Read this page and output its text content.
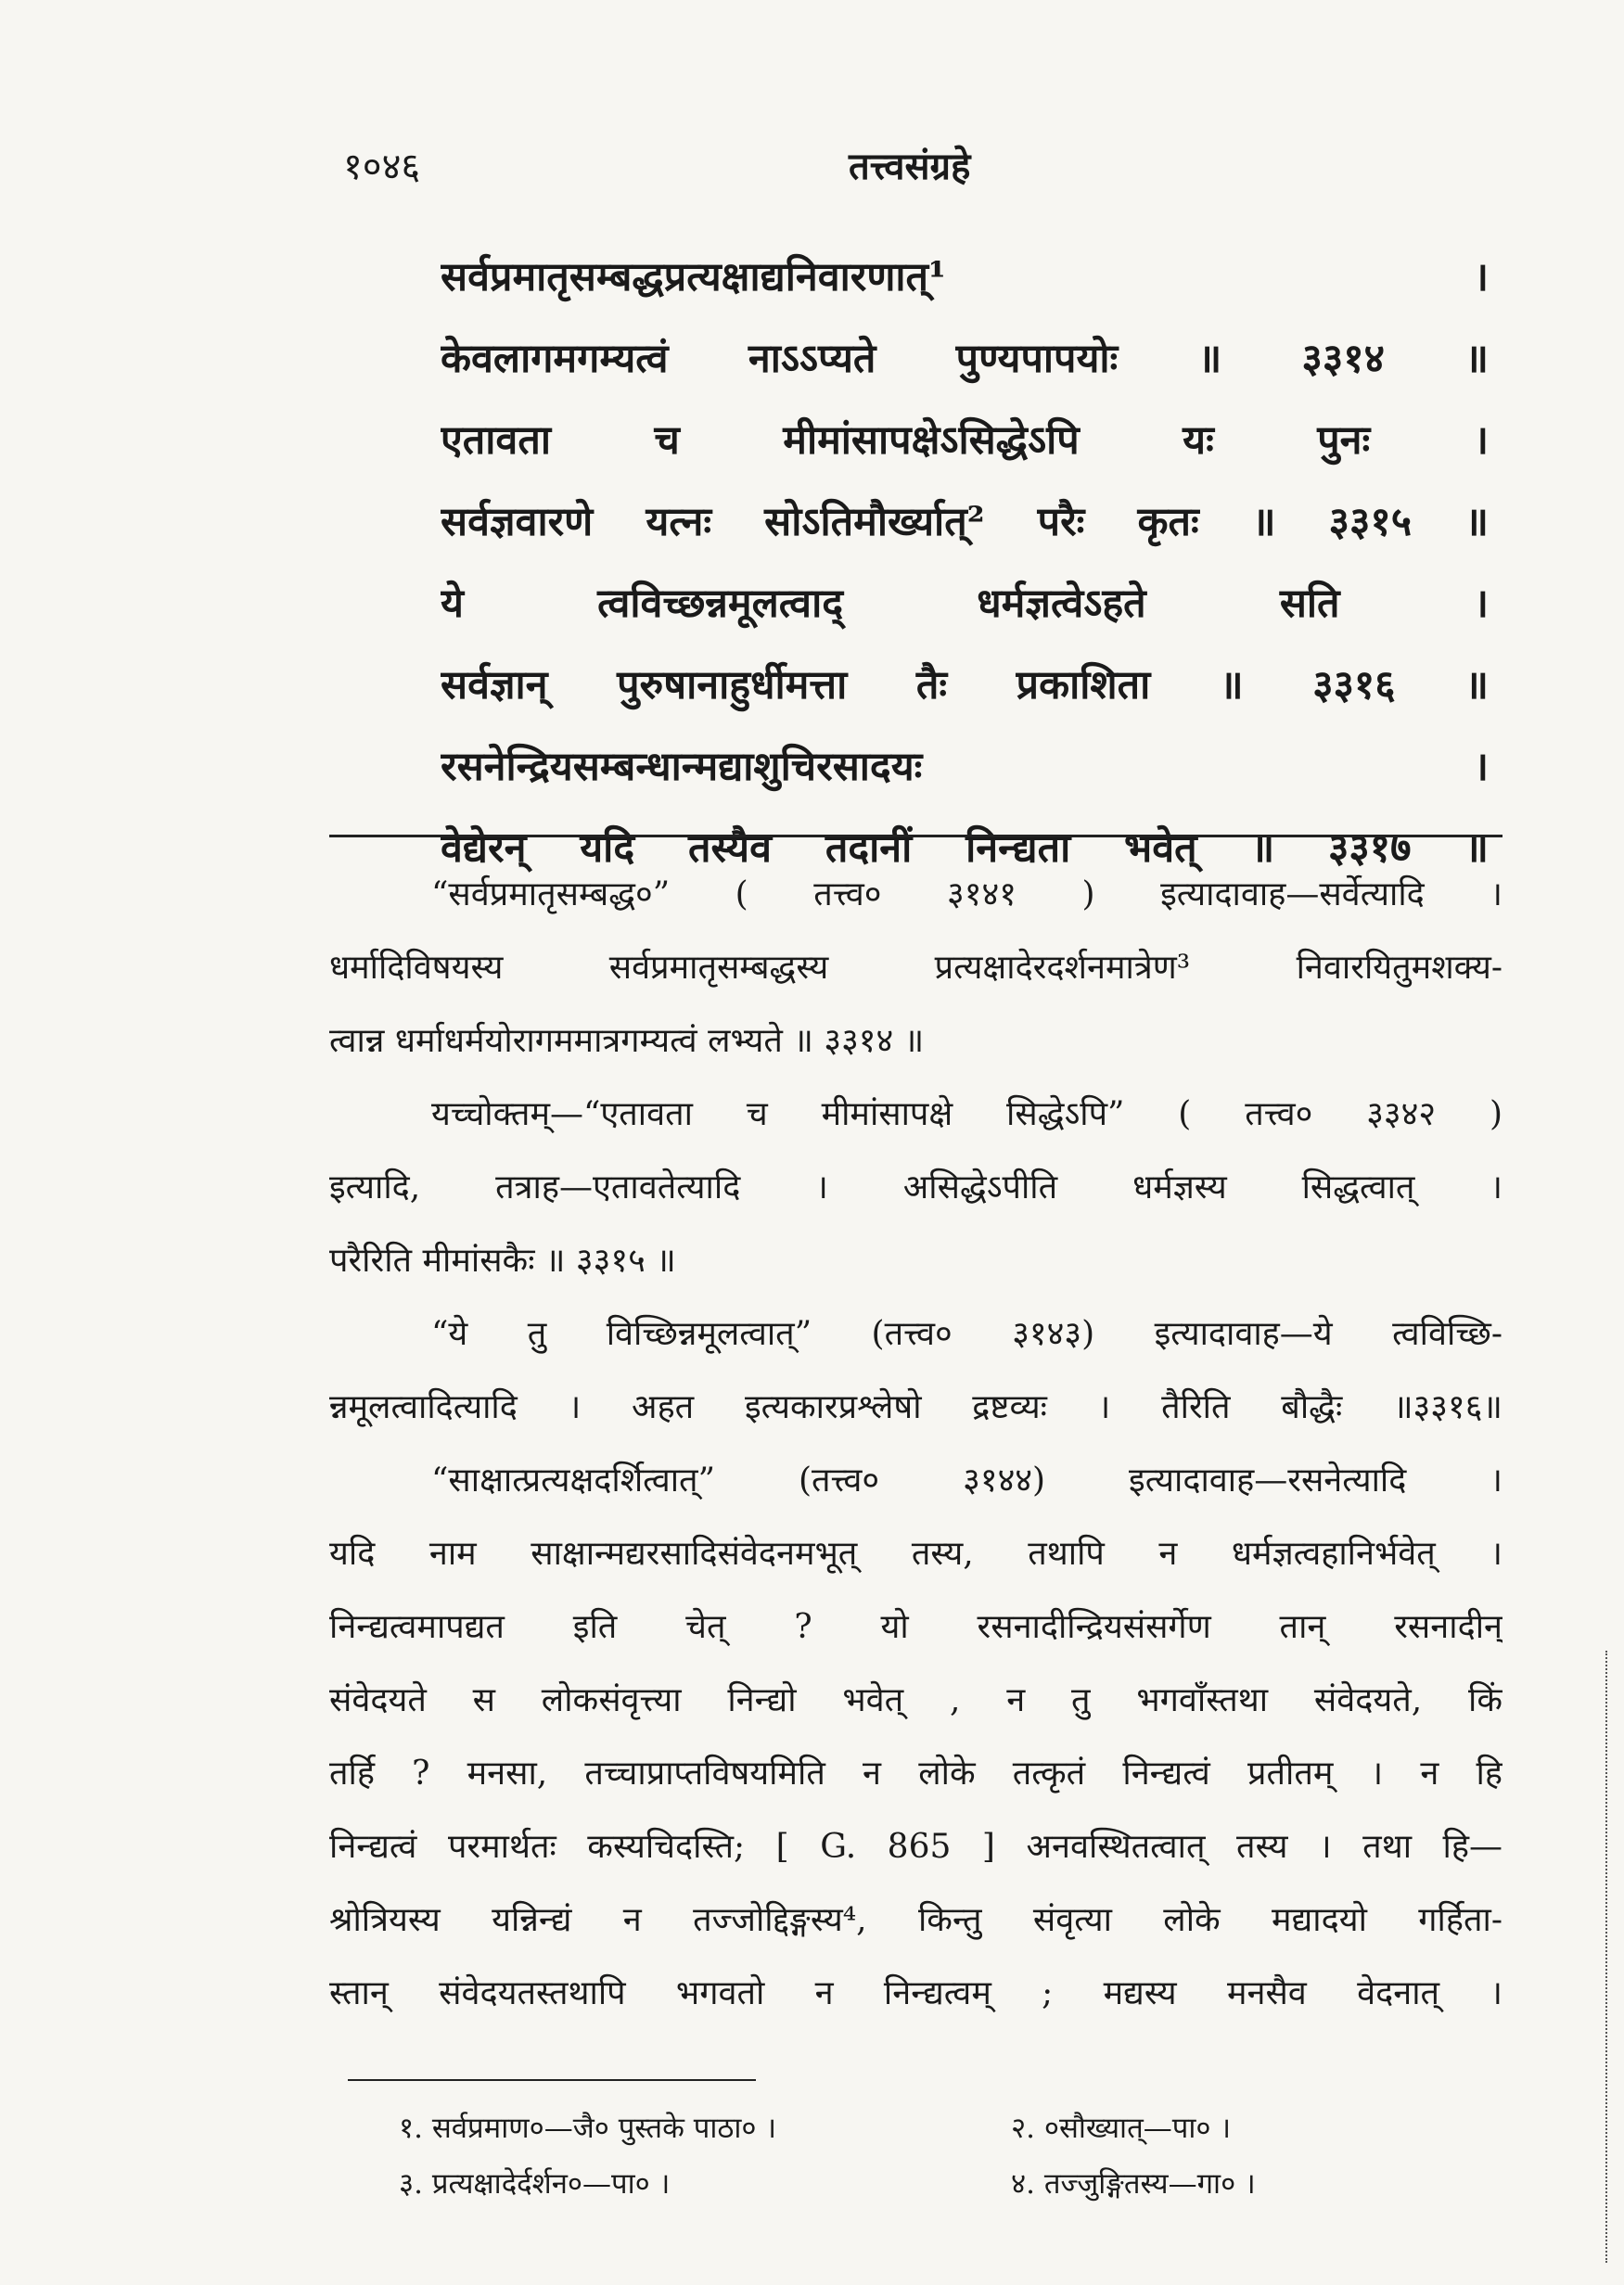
१०४६	तत्त्वसंग्रहे
सर्वप्रमातृसम्बद्धप्रत्यक्षाद्यनिवारणात्¹ ।
केवलागमगम्यत्वं नाऽऽप्यते पुण्यपापयोः ॥ ३३१४ ॥
एतावता च मीमांसापक्षेऽसिद्धेऽपि यः पुनः ।
सर्वज्ञवारणे यत्नः सोऽतिमौर्ख्यात्² परैः कृतः ॥ ३३१५ ॥
ये त्वविच्छन्नमूलत्वाद् धर्मज्ञत्वेऽहते सति ।
सर्वज्ञान् पुरुषानाहुर्धीमत्ता तैः प्रकाशिता ॥ ३३१६ ॥
रसनेन्द्रियसम्बन्धान्मद्याशुचिरसादयः ।
वेद्येरन् यदि तस्यैव तदानीं निन्द्यता भवेत् ॥ ३३१७ ॥
“सर्वप्रमातृसम्बद्ध०” ( तत्त्व० ३१४१ ) इत्यादावाह—सर्वेत्यादि ।
धर्मादिविषयस्य सर्वप्रमातृसम्बद्धस्य प्रत्यक्षादेरदर्शनमात्रेण³ निवारयितुमशक्य-
त्वान्न धर्माधर्मयोरागममात्रगम्यत्वं लभ्यते ॥ ३३१४ ॥
यच्चोक्तम्—“एतावता च मीमांसापक्षे सिद्धेऽपि” ( तत्त्व० ३३४२ )
इत्यादि, तत्राह—एतावतेत्यादि । असिद्धेऽपीति धर्मज्ञस्य सिद्धत्वात् ।
परैरिति मीमांसकैः ॥ ३३१५ ॥
“ये तु विच्छिन्नमूलत्वात्” (तत्त्व० ३१४३) इत्यादावाह—ये त्वविच्छि-
न्नमूलत्वादित्यादि । अहत इत्यकारप्रश्लेषो द्रष्टव्यः । तैरिति बौद्धैः ॥३३१६॥
“साक्षात्प्रत्यक्षदर्शित्वात्” (तत्त्व० ३१४४) इत्यादावाह—रसनेत्यादि ।
यदि नाम साक्षान्मद्यरसादिसंवेदनमभूत् तस्य, तथापि न धर्मज्ञत्वहानिर्भवेत् ।
निन्द्यत्वमापद्यत इति चेत् ? यो रसनादीन्द्रियसंसर्गेण तान् रसनादीन्
संवेदयते स लोकसंवृत्त्या निन्द्यो भवेत् , न तु भगवाँस्तथा संवेदयते, किं
तर्हि ? मनसा, तच्चाप्राप्तविषयमिति न लोके तत्कृतं निन्द्यत्वं प्रतीतम् । न हि
निन्द्यत्वं परमार्थतः कस्यचिदस्ति; [ G. 865 ] अनवस्थितत्वात् तस्य । तथा हि—
श्रोत्रियस्य यन्निन्द्यं न तज्जोद्दिङ्गस्य⁴, किन्तु संवृत्या लोके मद्यादयो गर्हिता-
स्तान् संवेदयतस्तथापि भगवतो न निन्द्यत्वम् ; मद्यस्य मनसैव वेदनात् ।
१. सर्वप्रमाण०—जै० पुस्तके पाठा० ।	२. ०सौख्यात्—पा० ।
३. प्रत्यक्षादेर्दर्शन०—पा० ।	४. तज्जुङ्गितस्य—गा० ।
